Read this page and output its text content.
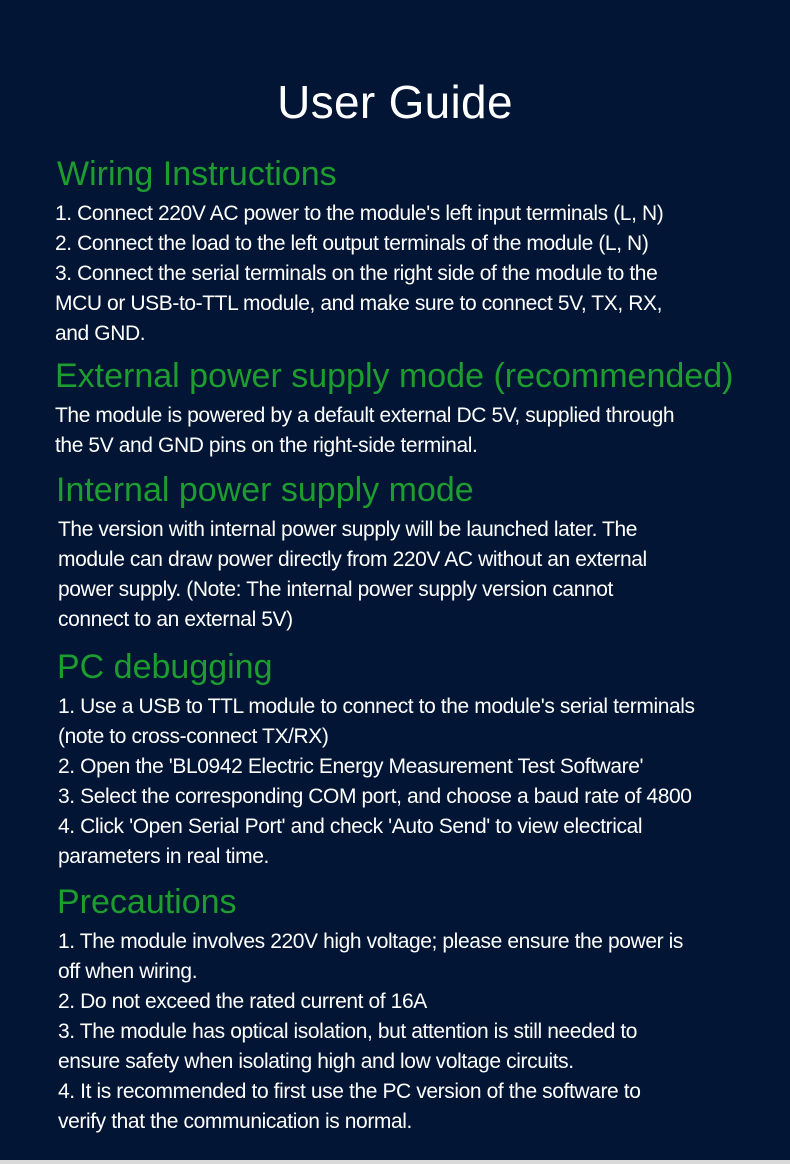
User Guide
Wiring Instructions
1. Connect 220V AC power to the module's left input terminals (L, N)
2. Connect the load to the left output terminals of the module (L, N)
3. Connect the serial terminals on the right side of the module to the
MCU or USB-to-TTL module, and make sure to connect 5V, TX, RX,
and GND.
External power supply mode (recommended)
The module is powered by a default external DC 5V, supplied through
the 5V and GND pins on the right-side terminal.
Internal power supply mode
The version with internal power supply will be launched later. The
module can draw power directly from 220V AC without an external
power supply. (Note: The internal power supply version cannot
connect to an external 5V)
PC debugging
1. Use a USB to TTL module to connect to the module's serial terminals
(note to cross-connect TX/RX)
2. Open the 'BL0942 Electric Energy Measurement Test Software'
3. Select the corresponding COM port, and choose a baud rate of 4800
4. Click 'Open Serial Port' and check 'Auto Send' to view electrical
parameters in real time.
Precautions
1. The module involves 220V high voltage; please ensure the power is
off when wiring.
2. Do not exceed the rated current of 16A
3. The module has optical isolation, but attention is still needed to
ensure safety when isolating high and low voltage circuits.
4. It is recommended to first use the PC version of the software to
verify that the communication is normal.
